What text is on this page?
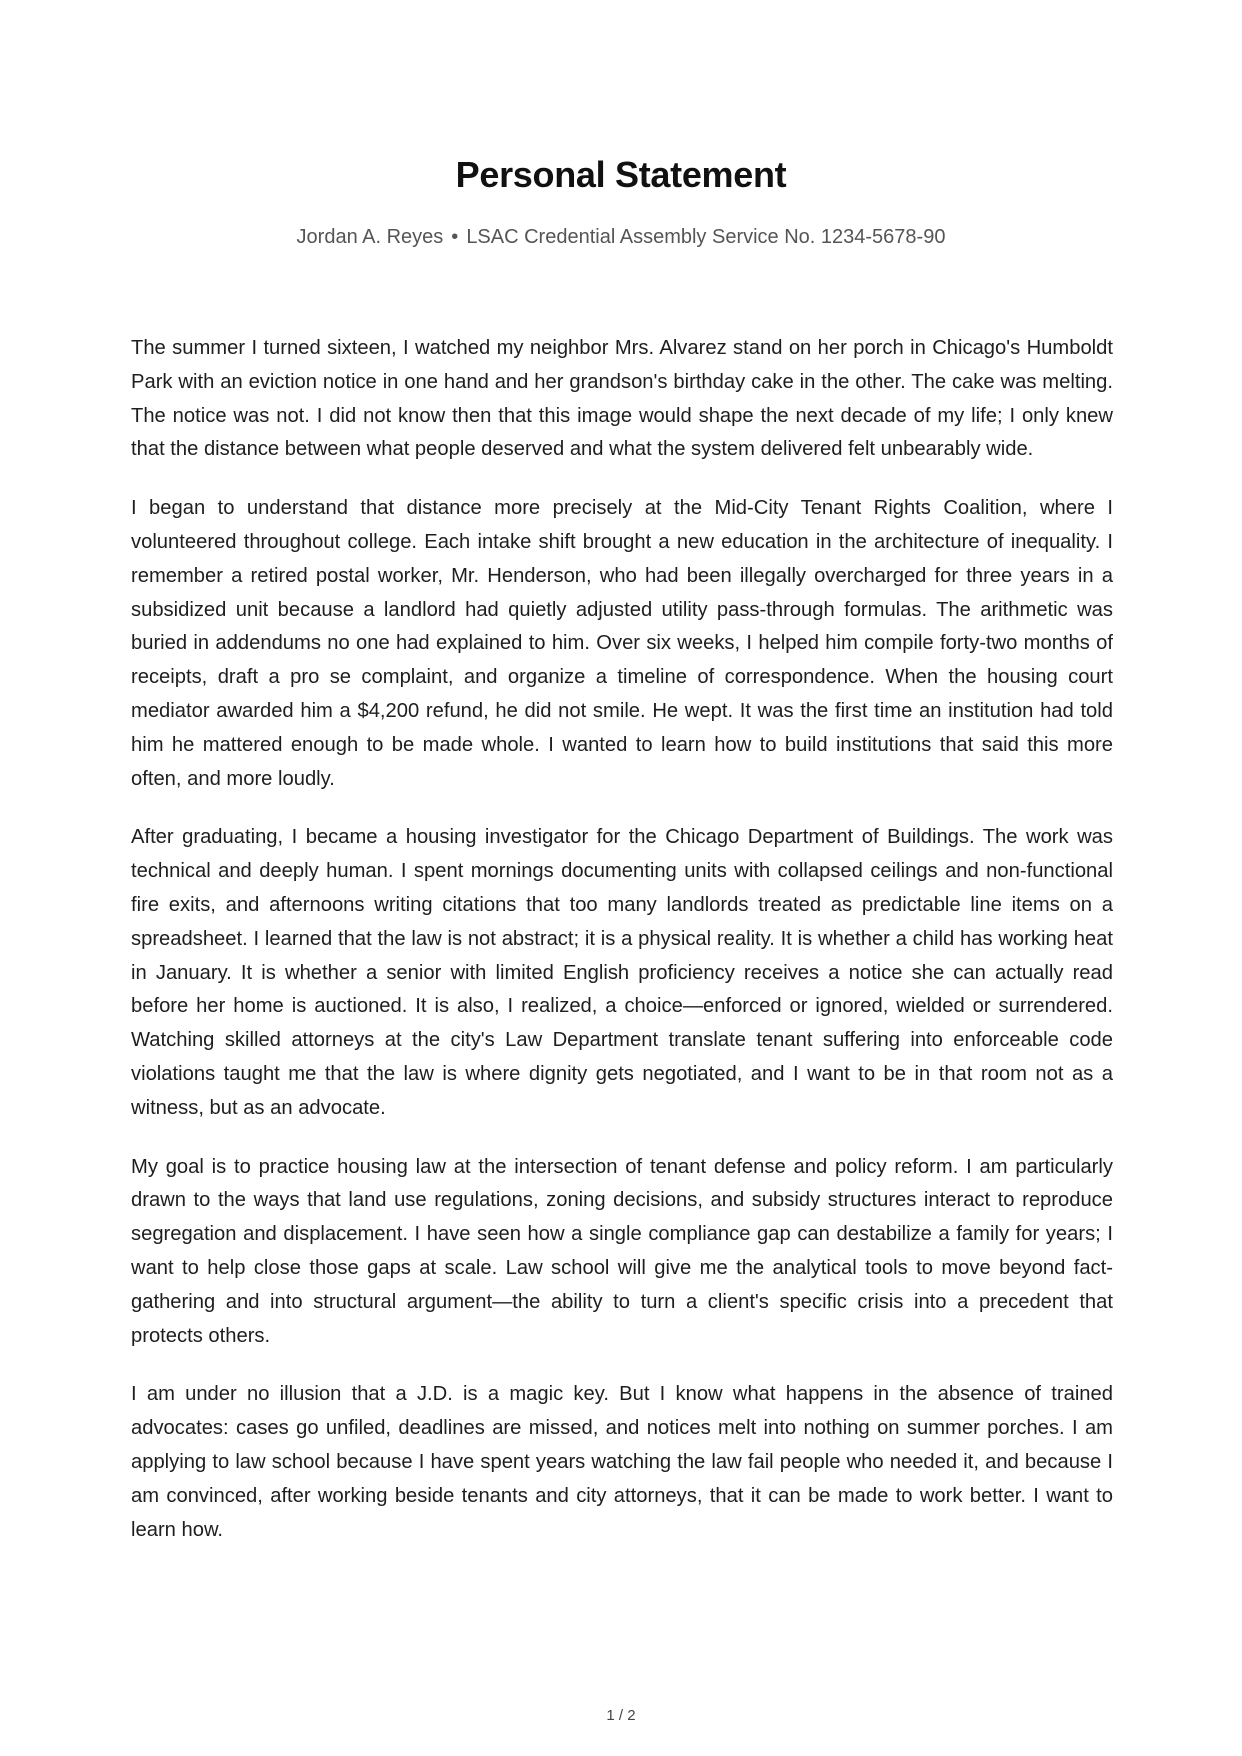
Personal Statement
Jordan A. Reyes • LSAC Credential Assembly Service No. 1234-5678-90

The summer I turned sixteen, I watched my neighbor Mrs. Alvarez stand on her porch in Chicago's Humboldt Park with an eviction notice in one hand and her grandson's birthday cake in the other. The cake was melting. The notice was not. I did not know then that this image would shape the next decade of my life; I only knew that the distance between what people deserved and what the system delivered felt unbearably wide.

I began to understand that distance more precisely at the Mid-City Tenant Rights Coalition, where I volunteered throughout college. Each intake shift brought a new education in the architecture of inequality. I remember a retired postal worker, Mr. Henderson, who had been illegally overcharged for three years in a subsidized unit because a landlord had quietly adjusted utility pass-through formulas. The arithmetic was buried in addendums no one had explained to him. Over six weeks, I helped him compile forty-two months of receipts, draft a pro se complaint, and organize a timeline of correspondence. When the housing court mediator awarded him a $4,200 refund, he did not smile. He wept. It was the first time an institution had told him he mattered enough to be made whole. I wanted to learn how to build institutions that said this more often, and more loudly.

After graduating, I became a housing investigator for the Chicago Department of Buildings. The work was technical and deeply human. I spent mornings documenting units with collapsed ceilings and non-functional fire exits, and afternoons writing citations that too many landlords treated as predictable line items on a spreadsheet. I learned that the law is not abstract; it is a physical reality. It is whether a child has working heat in January. It is whether a senior with limited English proficiency receives a notice she can actually read before her home is auctioned. It is also, I realized, a choice—enforced or ignored, wielded or surrendered. Watching skilled attorneys at the city's Law Department translate tenant suffering into enforceable code violations taught me that the law is where dignity gets negotiated, and I want to be in that room not as a witness, but as an advocate.

My goal is to practice housing law at the intersection of tenant defense and policy reform. I am particularly drawn to the ways that land use regulations, zoning decisions, and subsidy structures interact to reproduce segregation and displacement. I have seen how a single compliance gap can destabilize a family for years; I want to help close those gaps at scale. Law school will give me the analytical tools to move beyond fact-gathering and into structural argument—the ability to turn a client's specific crisis into a precedent that protects others.

I am under no illusion that a J.D. is a magic key. But I know what happens in the absence of trained advocates: cases go unfiled, deadlines are missed, and notices melt into nothing on summer porches. I am applying to law school because I have spent years watching the law fail people who needed it, and because I am convinced, after working beside tenants and city attorneys, that it can be made to work better. I want to learn how.

1 / 2
